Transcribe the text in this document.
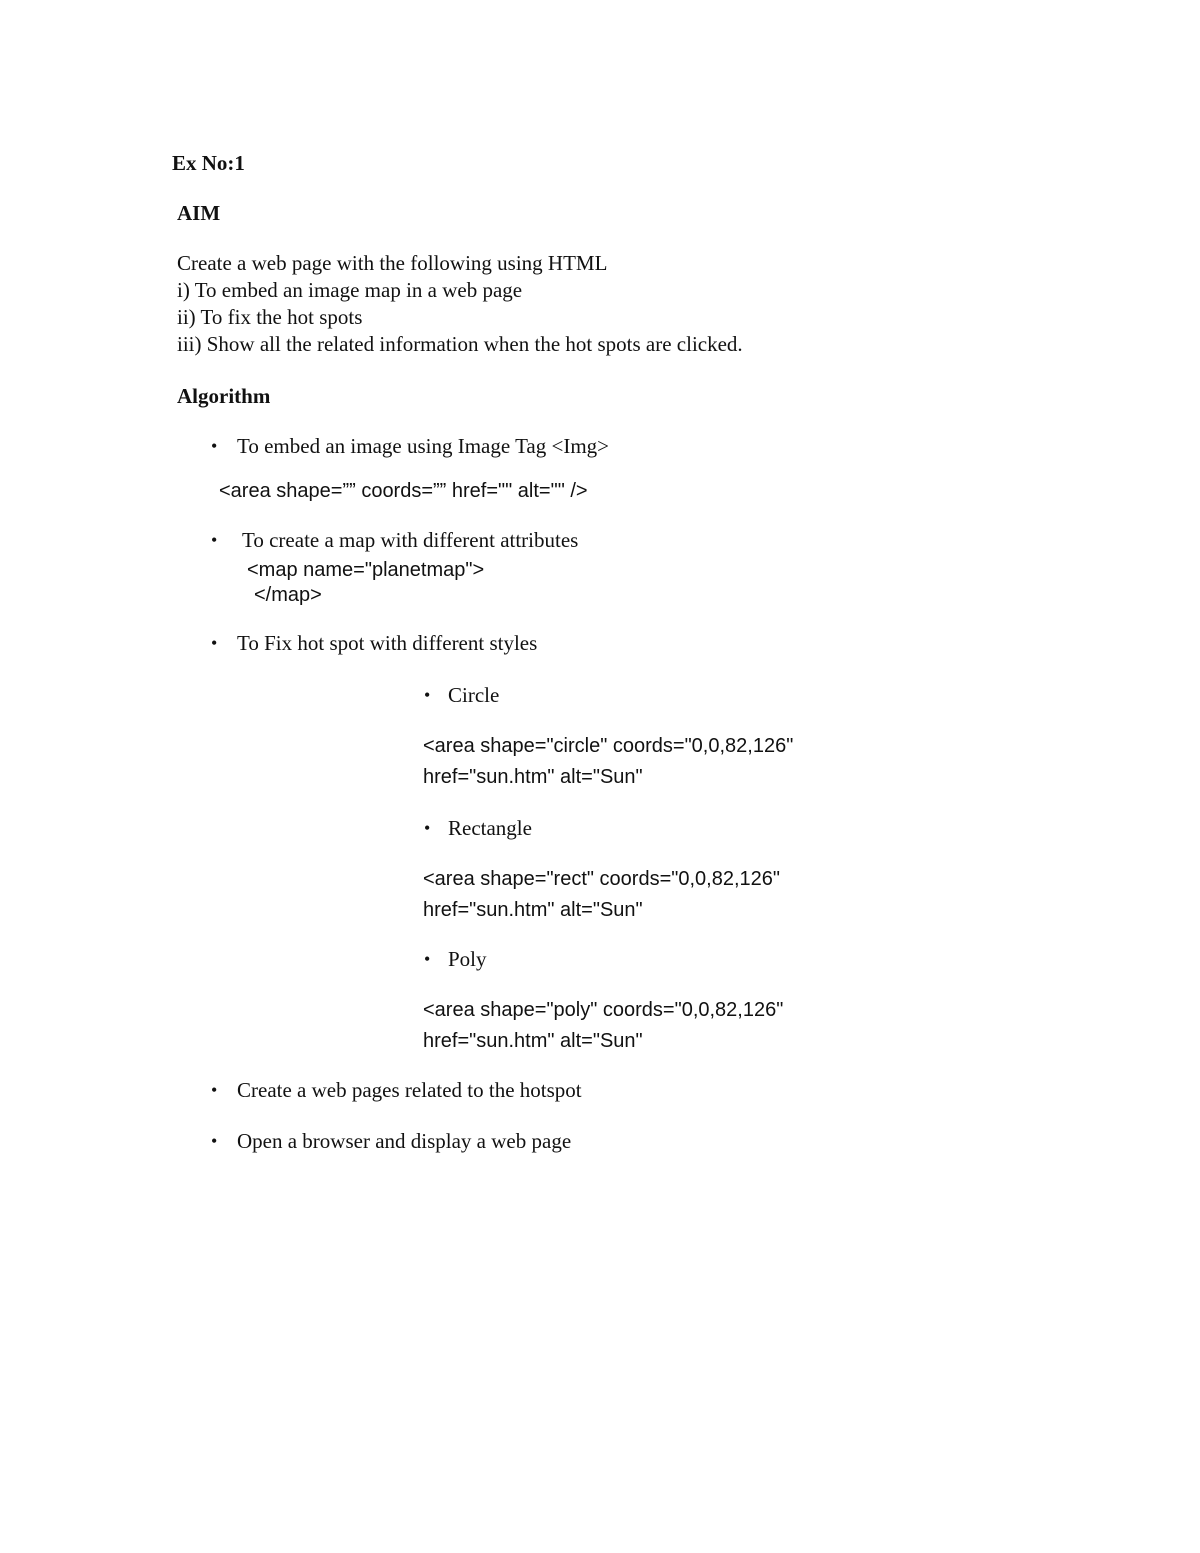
Ex No:1
AIM
Create a web page with the following using HTML
i) To embed an image map in a web page
ii) To fix the hot spots
iii) Show all the related information when the hot spots are clicked.
Algorithm
• To embed an image using Image Tag <Img>
<area shape=”” coords=”” href="" alt="" />
• To create a map with different attributes
<map name="planetmap">
</map>
• To Fix hot spot with different styles
• Circle
<area shape="circle" coords="0,0,82,126"
href="sun.htm" alt="Sun"
• Rectangle
<area shape="rect" coords="0,0,82,126"
href="sun.htm" alt="Sun"
• Poly
<area shape="poly" coords="0,0,82,126"
href="sun.htm" alt="Sun"
• Create a web pages related to the hotspot
• Open a browser and display a web page
